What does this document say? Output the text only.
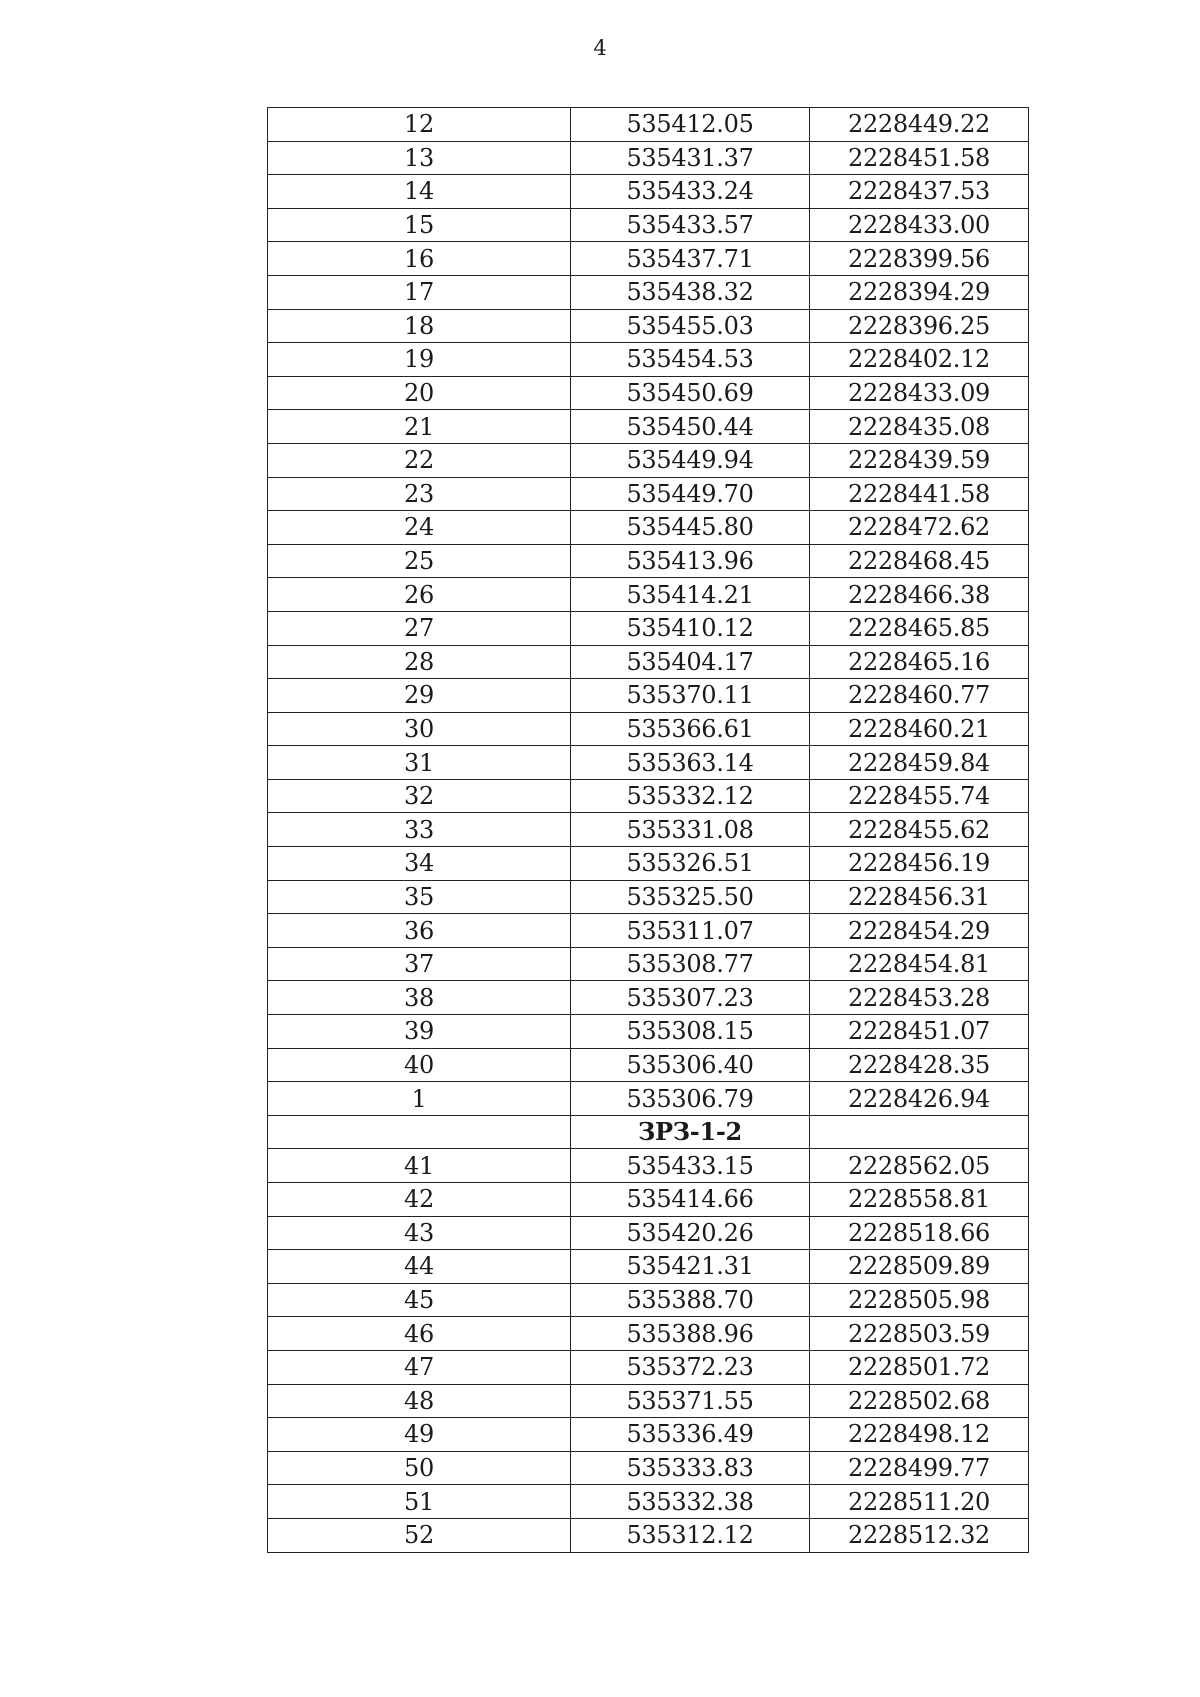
4
12	535412.05	2228449.22
13	535431.37	2228451.58
14	535433.24	2228437.53
15	535433.57	2228433.00
16	535437.71	2228399.56
17	535438.32	2228394.29
18	535455.03	2228396.25
19	535454.53	2228402.12
20	535450.69	2228433.09
21	535450.44	2228435.08
22	535449.94	2228439.59
23	535449.70	2228441.58
24	535445.80	2228472.62
25	535413.96	2228468.45
26	535414.21	2228466.38
27	535410.12	2228465.85
28	535404.17	2228465.16
29	535370.11	2228460.77
30	535366.61	2228460.21
31	535363.14	2228459.84
32	535332.12	2228455.74
33	535331.08	2228455.62
34	535326.51	2228456.19
35	535325.50	2228456.31
36	535311.07	2228454.29
37	535308.77	2228454.81
38	535307.23	2228453.28
39	535308.15	2228451.07
40	535306.40	2228428.35
1	535306.79	2228426.94
	ЗРЗ-1-2	
41	535433.15	2228562.05
42	535414.66	2228558.81
43	535420.26	2228518.66
44	535421.31	2228509.89
45	535388.70	2228505.98
46	535388.96	2228503.59
47	535372.23	2228501.72
48	535371.55	2228502.68
49	535336.49	2228498.12
50	535333.83	2228499.77
51	535332.38	2228511.20
52	535312.12	2228512.32
